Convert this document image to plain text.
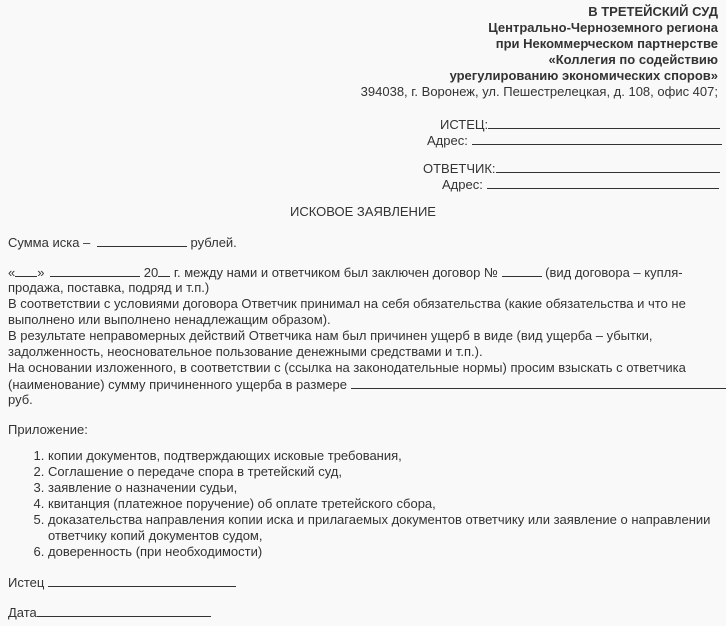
В ТРЕТЕЙСКИЙ СУД
Центрально-Черноземного региона
при Некоммерческом партнерстве
«Коллегия по содействию
урегулированию экономических споров»
394038, г. Воронеж, ул. Пешестрелецкая, д. 108, офис 407;
ИСТЕЦ:
Адрес:
ОТВЕТЧИК:
Адрес:
ИСКОВОЕ ЗАЯВЛЕНИЕ
Сумма иска –	рублей.
« »	20 г. между нами и ответчиком был заключен договор №	(вид договора – купля-
продажа, поставка, подряд и т.п.)
В соответствии с условиями договора Ответчик принимал на себя обязательства (какие обязательства и что не
выполнено или выполнено ненадлежащим образом).
В результате неправомерных действий Ответчика нам был причинен ущерб в виде (вид ущерба – убытки,
задолженность, неосновательное пользование денежными средствами и т.п.).
На основании изложенного, в соответствии с (ссылка на законодательные нормы) просим взыскать с ответчика
(наименование) сумму причиненного ущерба в размере
руб.
Приложение:
1. копии документов, подтверждающих исковые требования,
2. Соглашение о передаче спора в третейский суд,
3. заявление о назначении судьи,
4. квитанция (платежное поручение) об оплате третейского сбора,
5. доказательства направления копии иска и прилагаемых документов ответчику или заявление о направлении ответчику копий документов судом,
6. доверенность (при необходимости)
Истец
Дата
